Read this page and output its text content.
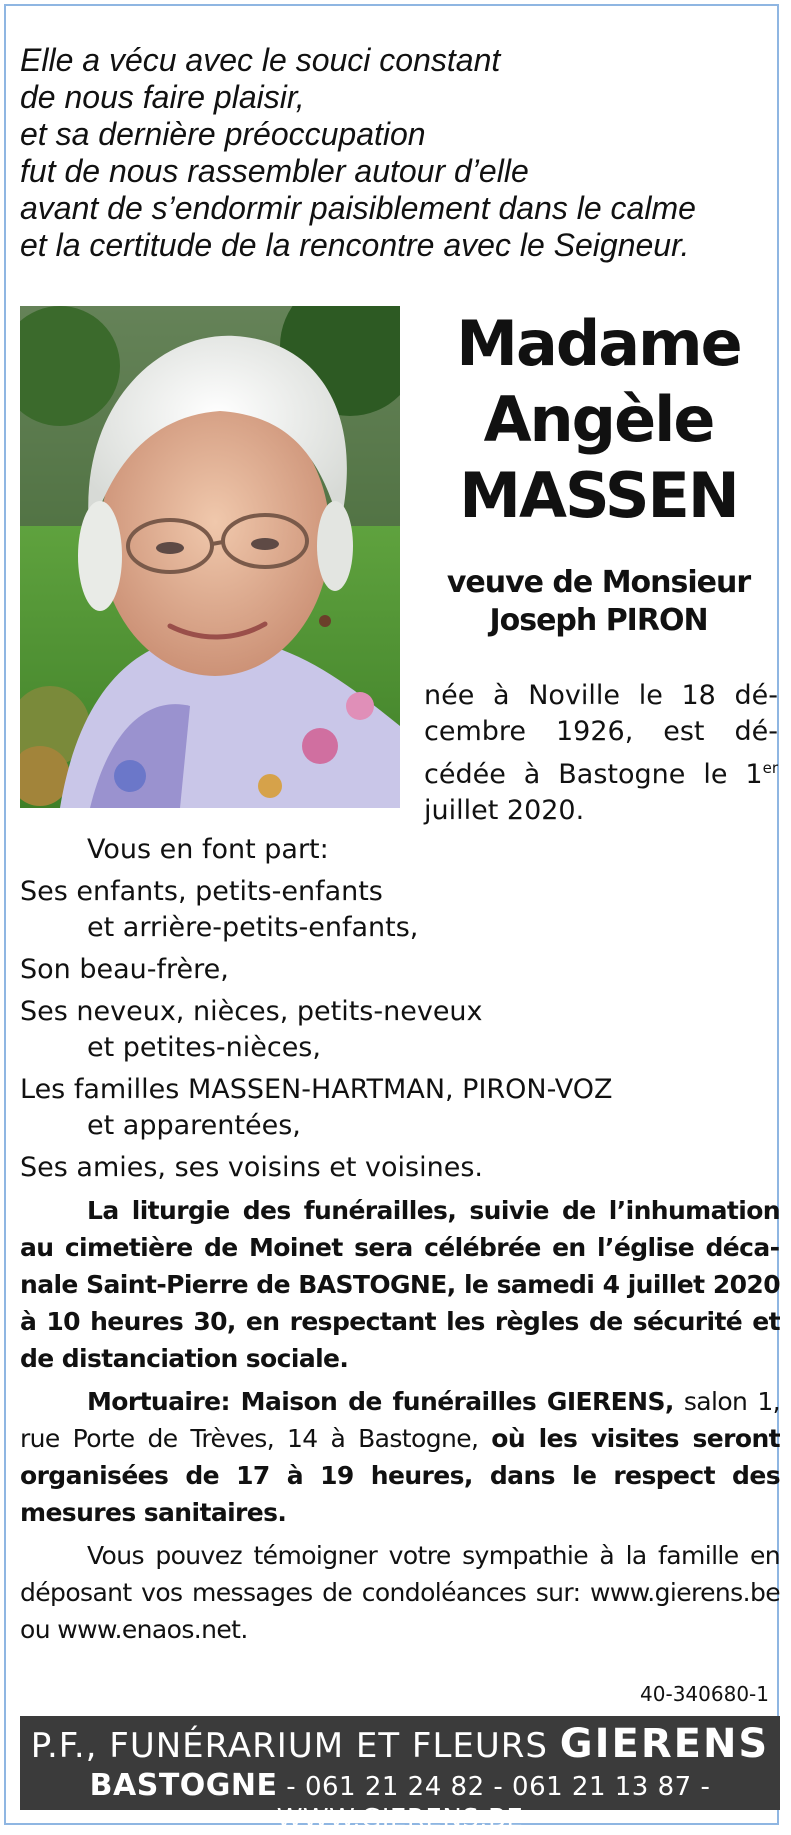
Elle a vécu avec le souci constant
de nous faire plaisir,
et sa dernière préoccupation
fut de nous rassembler autour d’elle
avant de s’endormir paisiblement dans le calme
et la certitude de la rencontre avec le Seigneur.
Madame
Angèle
MASSEN
veuve de Monsieur
Joseph PIRON
née à Noville le 18 décembre 1926, est décédée à Bastogne le 1er juillet 2020.
Vous en font part:
Ses enfants, petits-enfants
et arrière-petits-enfants,
Son beau-frère,
Ses neveux, nièces, petits-neveux
et petites-nièces,
Les familles MASSEN-HARTMAN, PIRON-VOZ
et apparentées,
Ses amies, ses voisins et voisines.
La liturgie des funérailles, suivie de l’inhumation au cimetière de Moinet sera célébrée en l’église décanale Saint-Pierre de BASTOGNE, le samedi 4 juillet 2020 à 10 heures 30, en respectant les règles de sécurité et de distanciation sociale.
Mortuaire: Maison de funérailles GIERENS, salon 1, rue Porte de Trèves, 14 à Bastogne, où les visites seront organisées de 17 à 19 heures, dans le respect des mesures sanitaires.
Vous pouvez témoigner votre sympathie à la famille en déposant vos messages de condoléances sur: www.gierens.be ou www.enaos.net.
40-340680-1
P.F., FUNÉRARIUM ET FLEURS GIERENS
BASTOGNE - 061 21 24 82 - 061 21 13 87 - WWW.GIERENS.BE
